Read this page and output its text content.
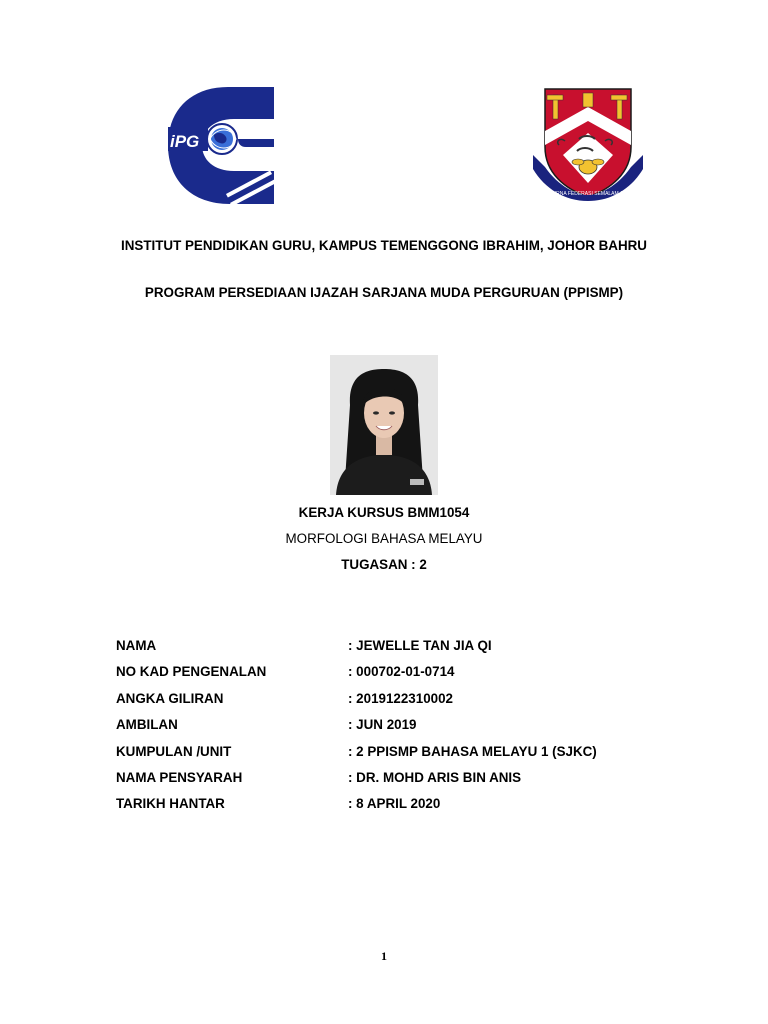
iPG
SEMPURNA FEDERASI SEMALAM GERAS
INSTITUT PENDIDIKAN GURU, KAMPUS TEMENGGONG IBRAHIM, JOHOR BAHRU
PROGRAM PERSEDIAAN IJAZAH SARJANA MUDA PERGURUAN (PPISMP)
KERJA KURSUS BMM1054
MORFOLOGI BAHASA MELAYU
TUGASAN : 2
NAMA	: JEWELLE TAN JIA QI
NO KAD PENGENALAN	: 000702-01-0714
ANGKA GILIRAN	: 2019122310002
AMBILAN	: JUN 2019
KUMPULAN /UNIT	: 2 PPISMP BAHASA MELAYU 1 (SJKC)
NAMA PENSYARAH	: DR. MOHD ARIS BIN ANIS
TARIKH HANTAR	: 8 APRIL 2020
1
